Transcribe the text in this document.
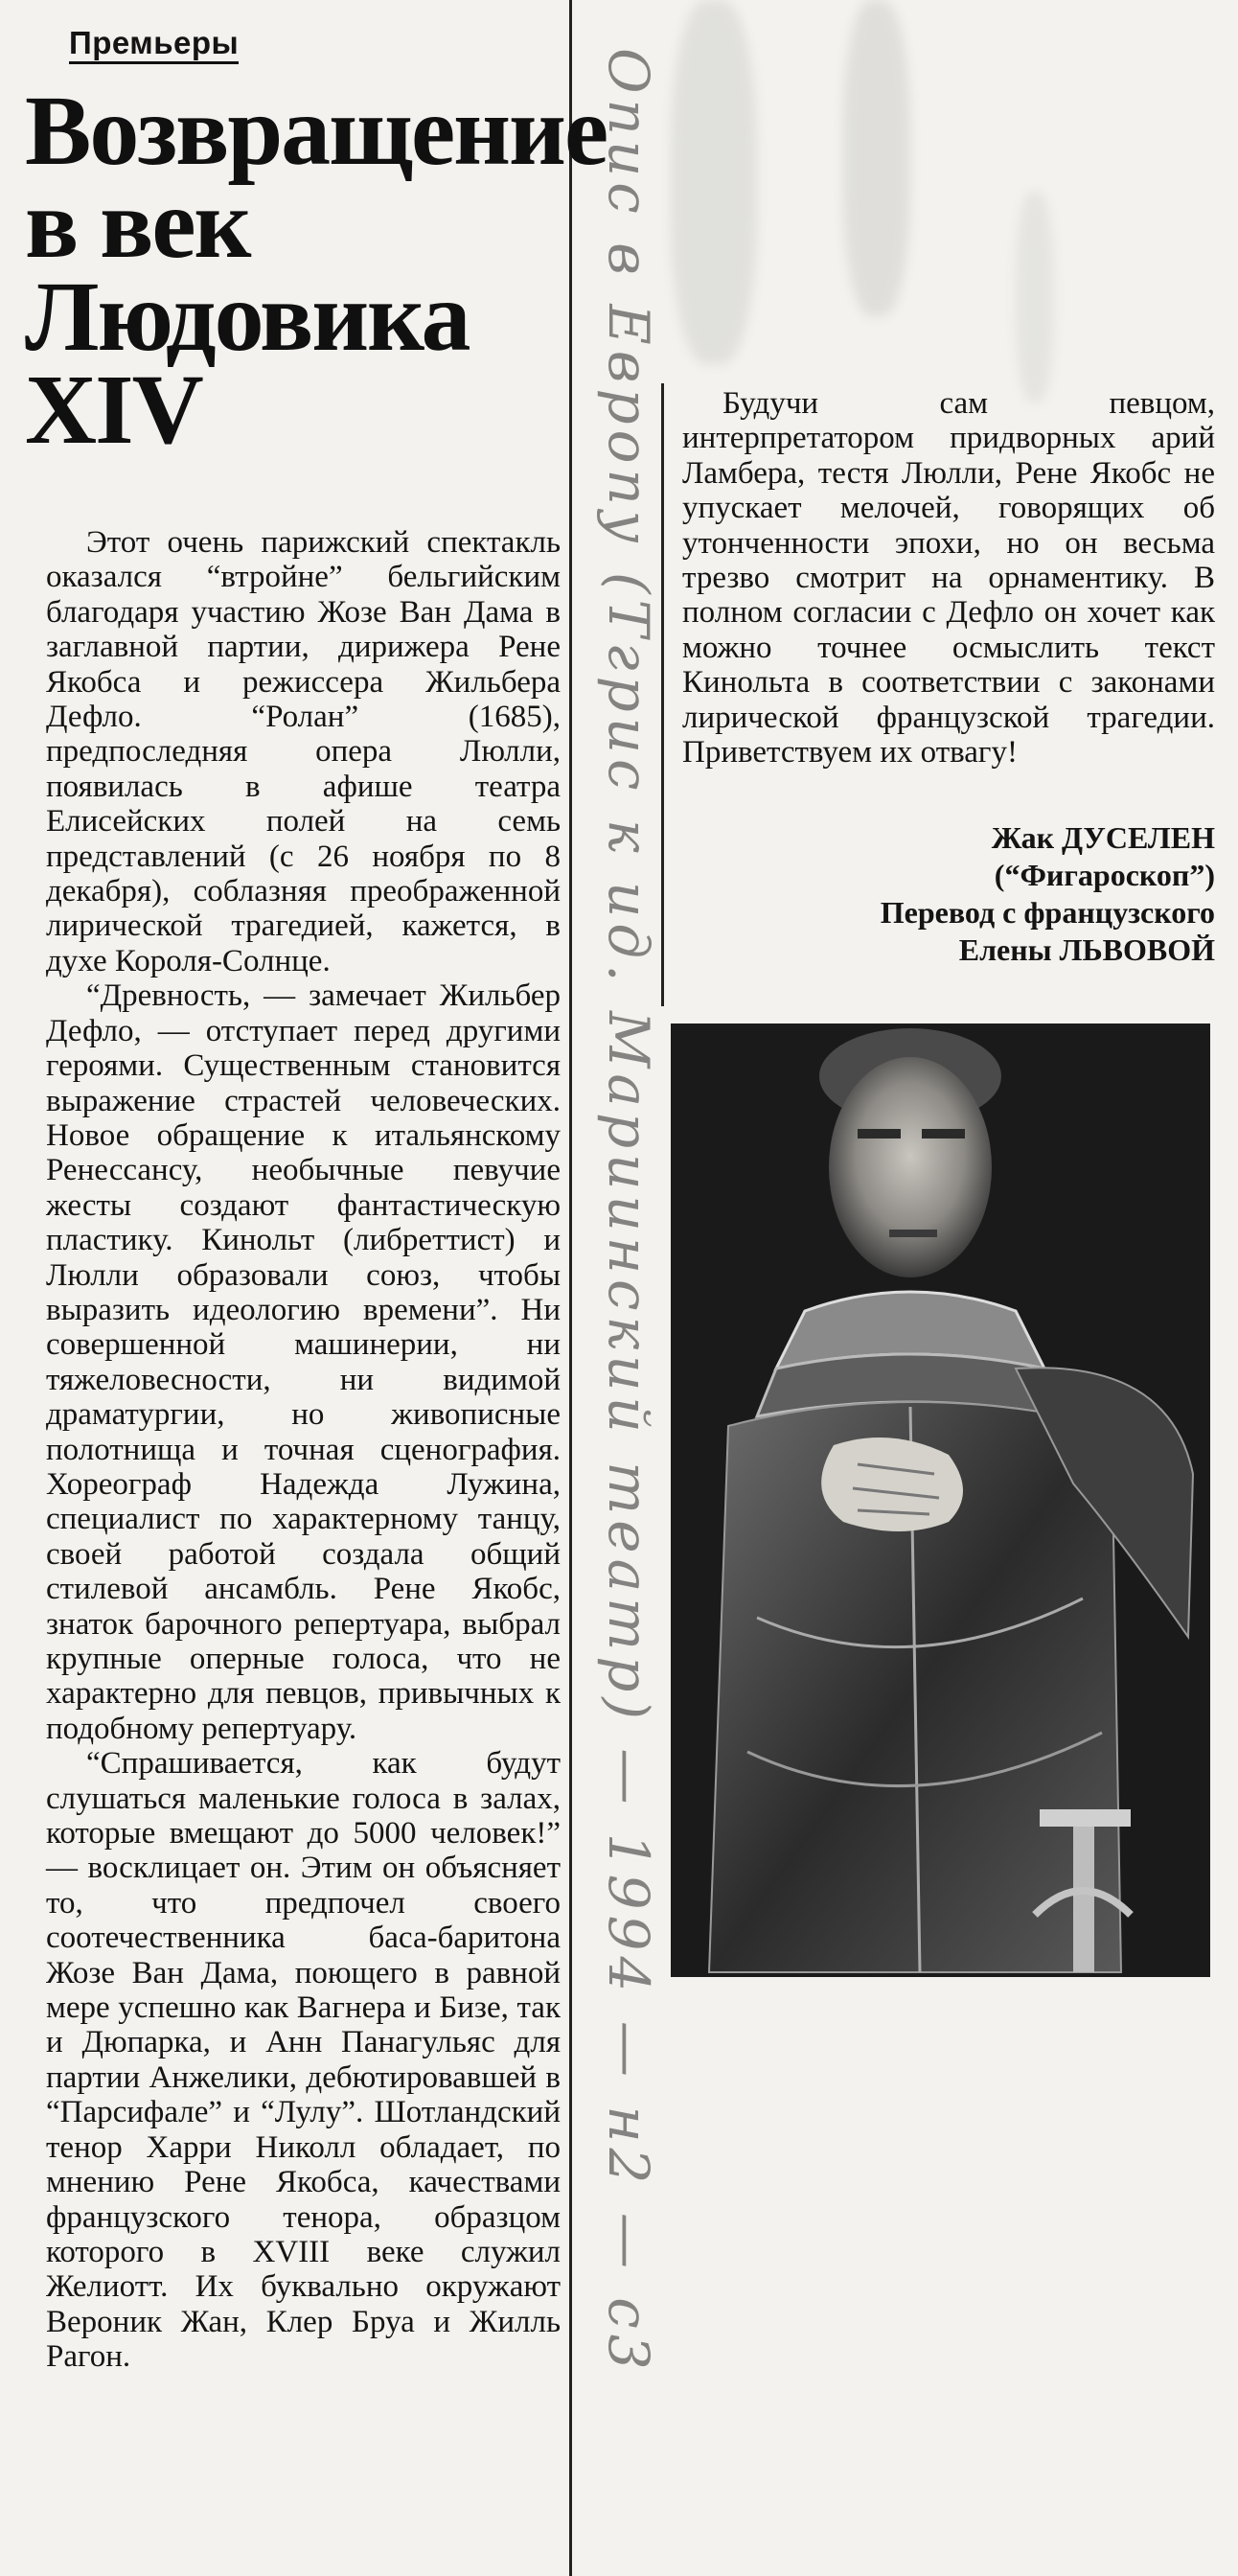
Премьеры
Возвращение
в век
Людовика
XIV

Этот очень парижский спектакль оказался “втройне” бельгийским благодаря участию Жозе Ван Дама в заглавной партии, дирижера Рене Якобса и режиссера Жильбера Дефло. “Ролан” (1685), предпоследняя опера Люлли, появилась в афише театра Елисейских полей на семь представлений (с 26 ноября по 8 декабря), соблазняя преображенной лирической трагедией, кажется, в духе Короля-Солнце.

“Древность, — замечает Жильбер Дефло, — отступает перед другими героями. Существенным становится выражение страстей человеческих. Новое обращение к итальянскому Ренессансу, необычные певучие жесты создают фантастическую пластику. Кинольт (либреттист) и Люлли образовали союз, чтобы выразить идеологию времени”. Ни совершенной машинерии, ни тяжеловесности, ни видимой драматургии, но живописные полотнища и точная сценография. Хореограф Надежда Лужина, специалист по характерному танцу, своей работой создала общий стилевой ансамбль. Рене Якобс, знаток барочного репертуара, выбрал крупные оперные голоса, что не характерно для певцов, привычных к подобному репертуару.

“Спрашивается, как будут слушаться маленькие голоса в залах, которые вмещают до 5000 человек!” — восклицает он. Этим он объясняет то, что предпочел своего соотечественника баса-баритона Жозе Ван Дама, поющего в равной мере успешно как Вагнера и Бизе, так и Дюпарка, и Анн Панагульяс для партии Анжелики, дебютировавшей в “Парсифале” и “Лулу”. Шотландский тенор Харри Николл обладает, по мнению Рене Якобса, качествами французского тенора, образцом которого в XVIII веке служил Желиотт. Их буквально окружают Вероник Жан, Клер Бруа и Жилль Рагон.

Будучи сам певцом, интерпретатором придворных арий Ламбера, тестя Люлли, Рене Якобс не упускает мелочей, говорящих об утонченности эпохи, но он весьма трезво смотрит на орнаментику. В полном согласии с Дефло он хочет как можно точнее осмыслить текст Кинольта в соответствии с законами лирической французской трагедии. Приветствуем их отвагу!

Жак ДУСЕЛЕН
(“Фигароскоп”)
Перевод с французского
Елены ЛЬВОВОЙ
Опис в Европу (Тгрис к ид. Мариинский театр) — 1994 — н2 — с3
